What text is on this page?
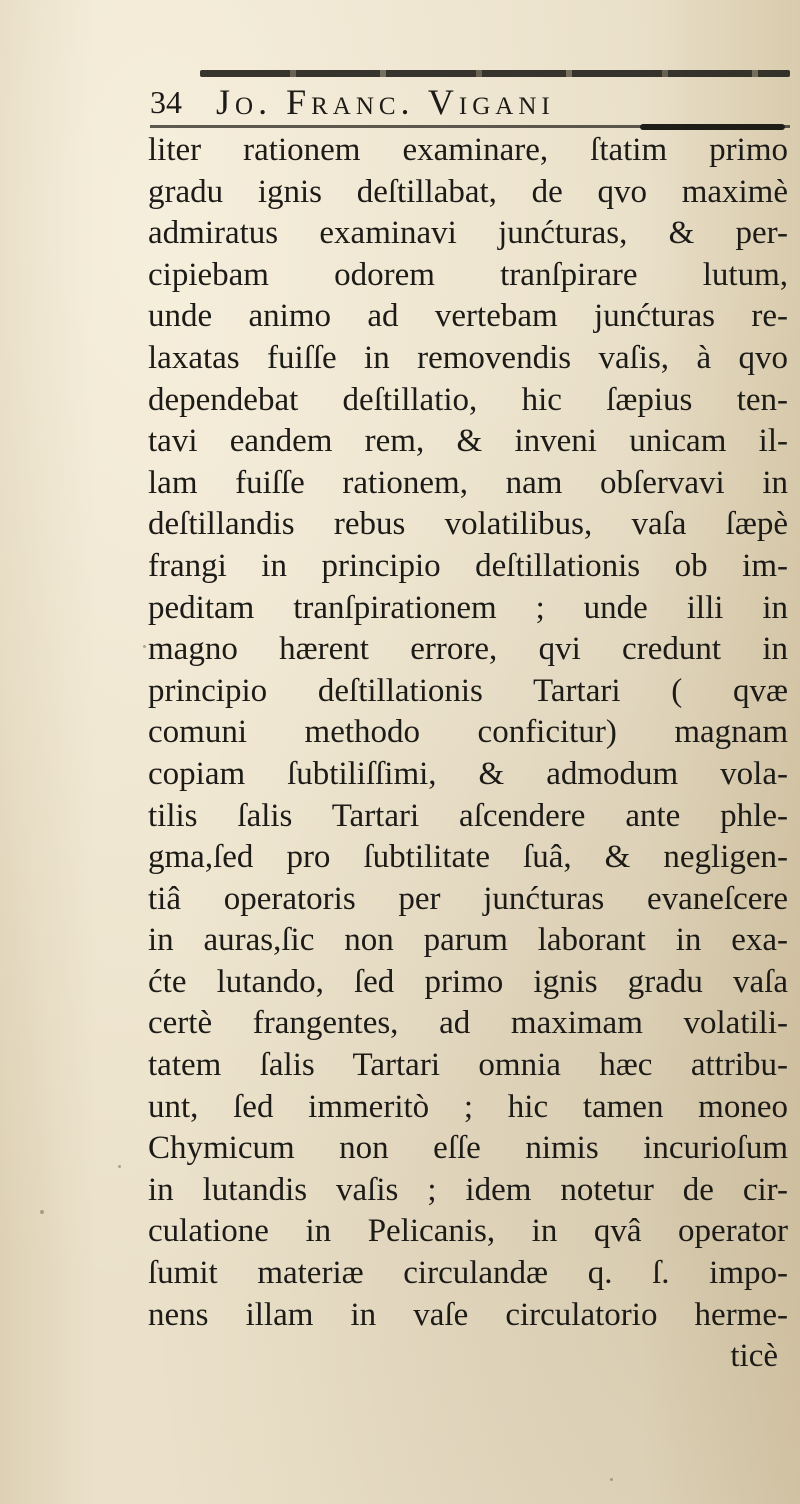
34 Jo. Franc. Vigani
liter rationem examinare, ſtatim primo
gradu ignis deſtillabat, de qvo maximè
admiratus examinavi junćturas, & per-
cipiebam odorem tranſpirare lutum,
unde animo ad vertebam junćturas re-
laxatas fuiſſe in removendis vaſis, à qvo
dependebat deſtillatio, hic ſæpius ten-
tavi eandem rem, & inveni unicam il-
lam fuiſſe rationem, nam obſervavi in
deſtillandis rebus volatilibus, vaſa ſæpè
frangi in principio deſtillationis ob im-
peditam tranſpirationem ; unde illi in
magno hærent errore, qvi credunt in
principio deſtillationis Tartari ( qvæ
comuni methodo conficitur) magnam
copiam ſubtiliſſimi, & admodum vola-
tilis ſalis Tartari aſcendere ante phle-
gma,ſed pro ſubtilitate ſuâ, & negligen-
tiâ operatoris per junćturas evaneſcere
in auras,ſic non parum laborant in exa-
ćte lutando, ſed primo ignis gradu vaſa
certè frangentes, ad maximam volatili-
tatem ſalis Tartari omnia hæc attribu-
unt, ſed immeritò ; hic tamen moneo
Chymicum non eſſe nimis incurioſum
in lutandis vaſis ; idem notetur de cir-
culatione in Pelicanis, in qvâ operator
ſumit materiæ circulandæ q. ſ. impo-
nens illam in vaſe circulatorio herme-
ticè
